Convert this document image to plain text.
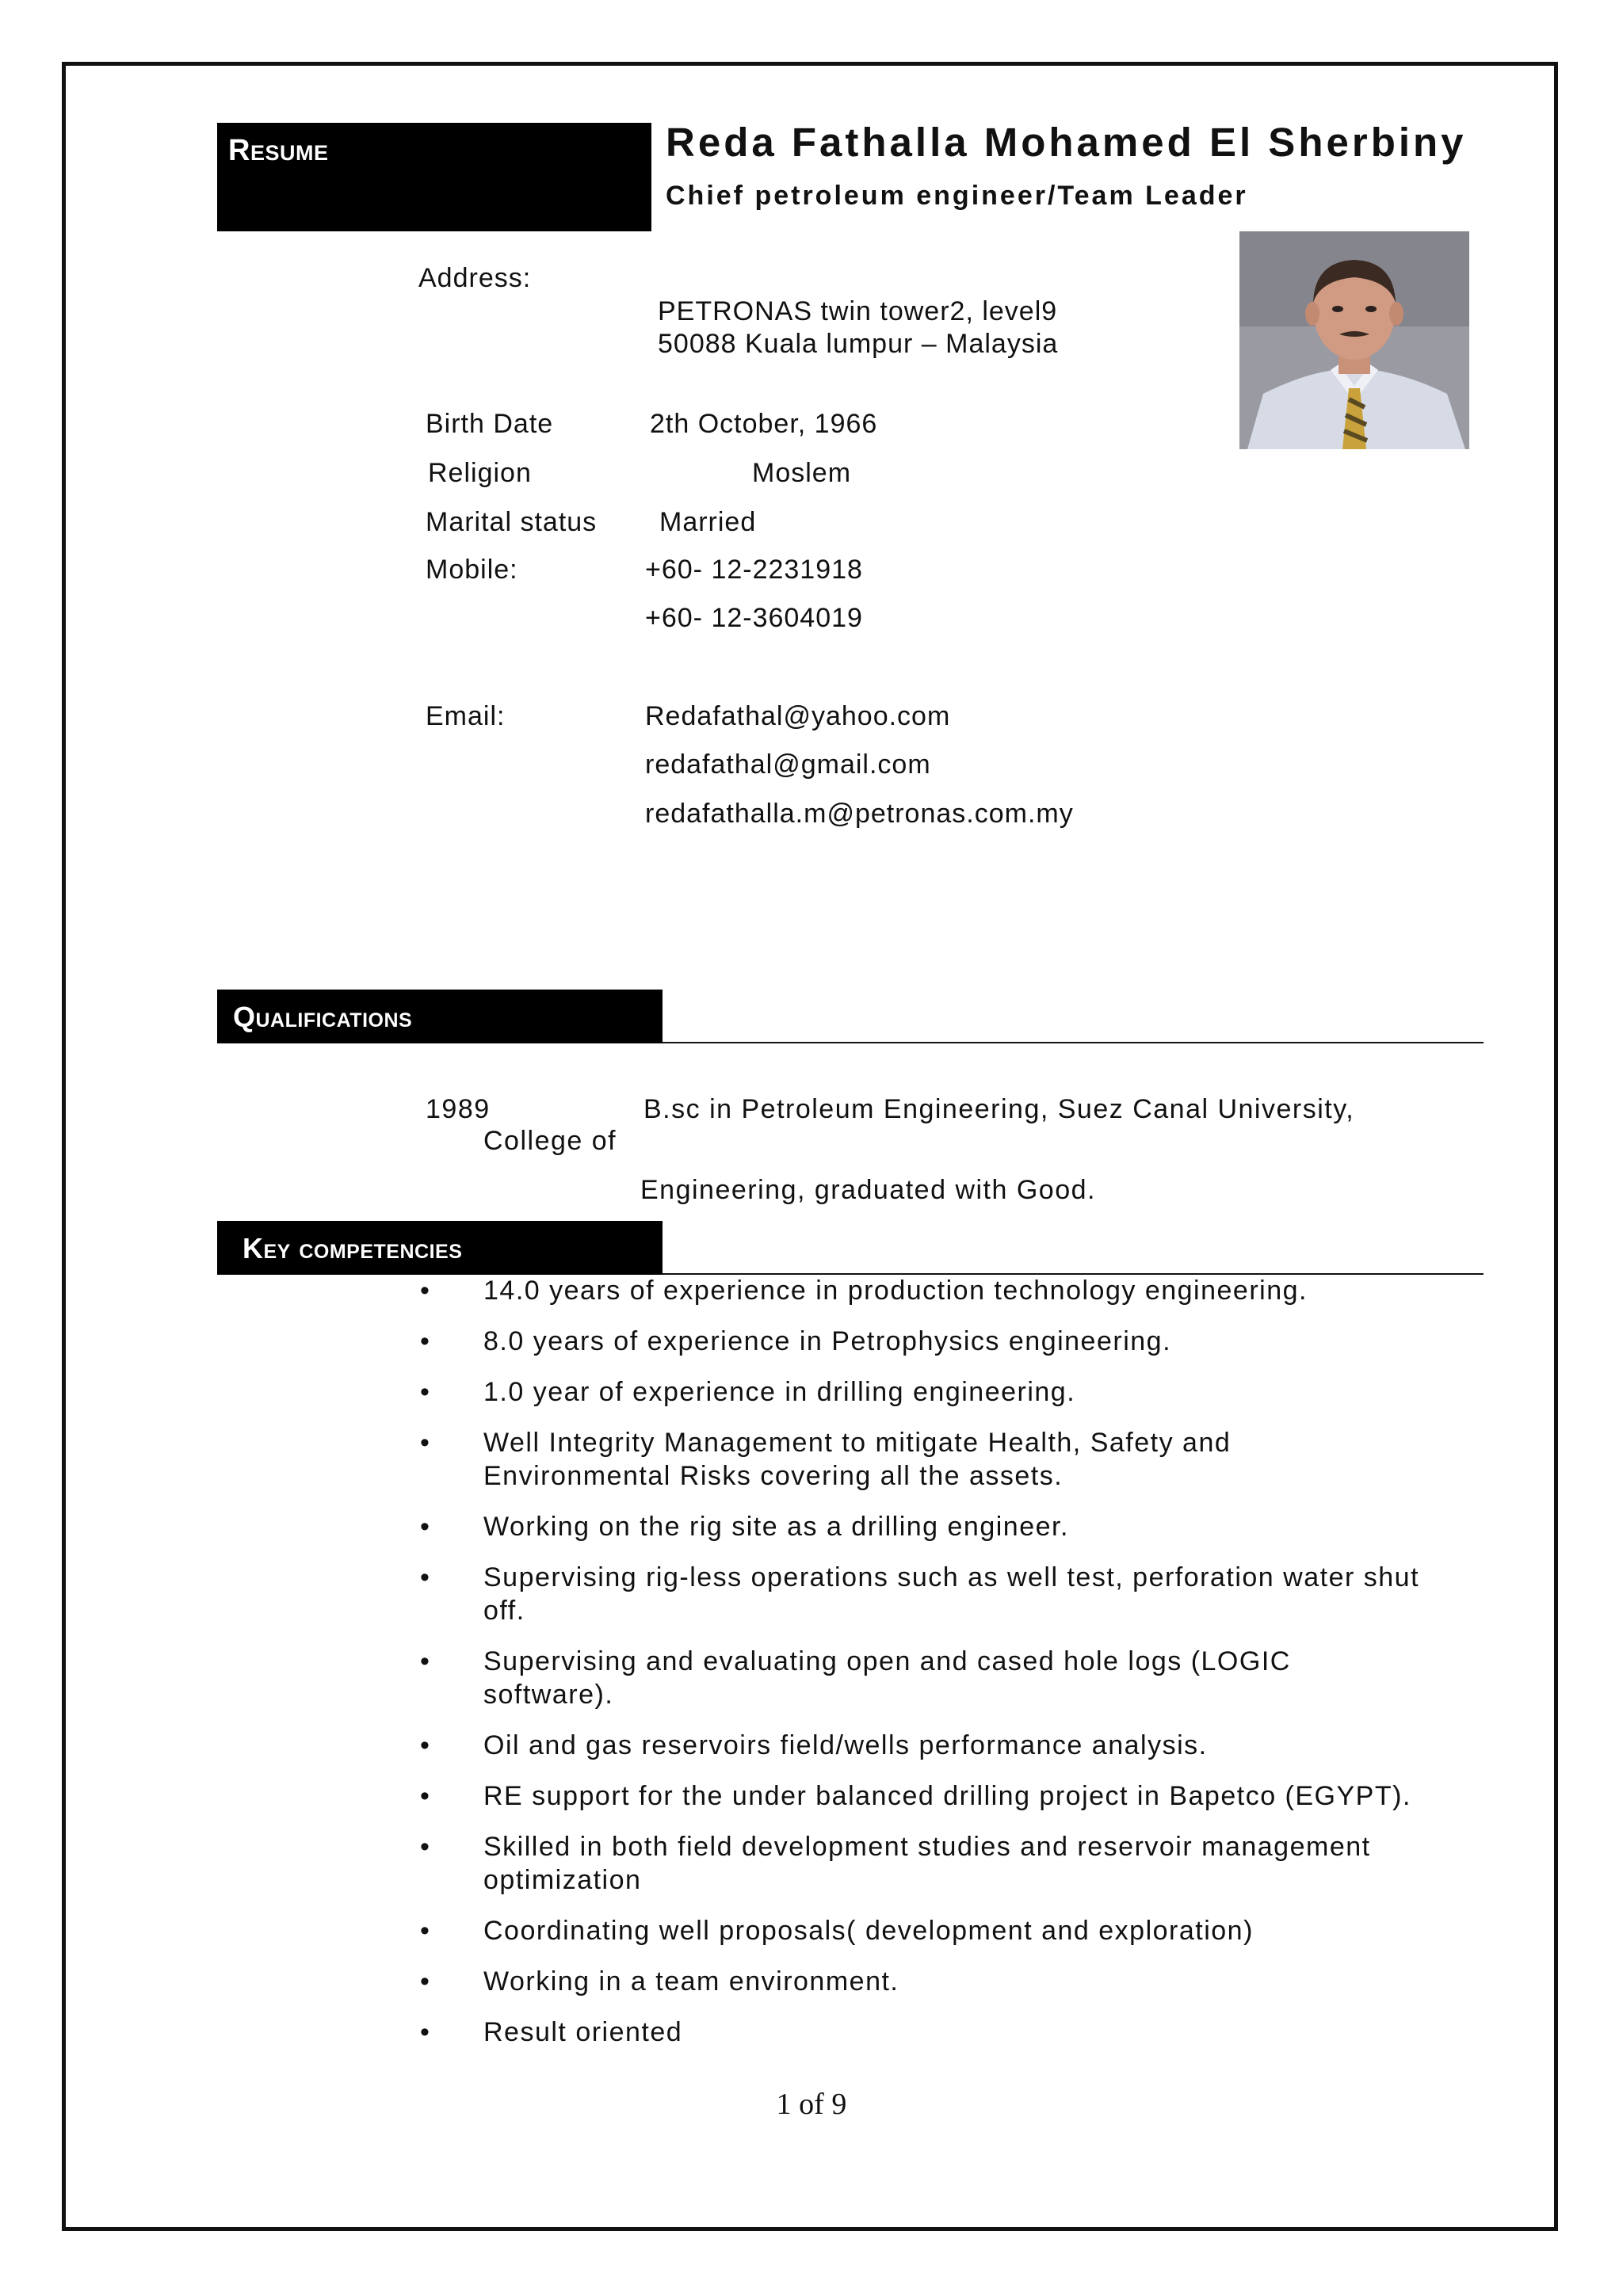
Resume	Reda Fathalla Mohamed El Sherbiny
Chief petroleum engineer/Team Leader
Address:
PETRONAS twin tower2, level9
50088 Kuala lumpur – Malaysia
Birth Date	2th October, 1966
Religion	Moslem
Marital status Married
Mobile:	+60- 12-2231918
+60- 12-3604019
Email:	Redafathal@yahoo.com
redafathal@gmail.com
redafathalla.m@petronas.com.my
Qualifications
1989	B.sc in Petroleum Engineering, Suez Canal University,
College of
Engineering, graduated with Good.
Key competencies
• 14.0 years of experience in production technology engineering.
• 8.0 years of experience in Petrophysics engineering.
• 1.0 year of experience in drilling engineering.
• Well Integrity Management to mitigate Health, Safety and Environmental Risks covering all the assets.
• Working on the rig site as a drilling engineer.
• Supervising rig-less operations such as well test, perforation water shut off.
• Supervising and evaluating open and cased hole logs (LOGIC software).
• Oil and gas reservoirs field/wells performance analysis.
• RE support for the under balanced drilling project in Bapetco (EGYPT).
• Skilled in both field development studies and reservoir management optimization
• Coordinating well proposals( development and exploration)
• Working in a team environment.
• Result oriented
1 of 9
